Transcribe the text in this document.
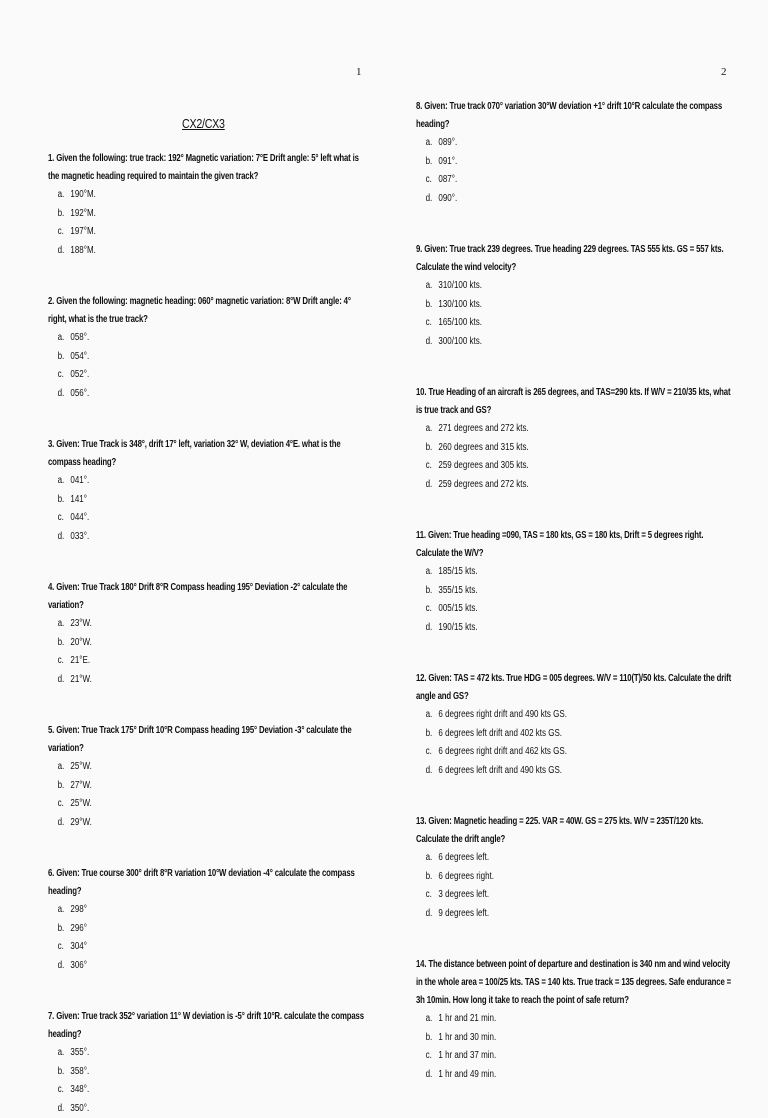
1
CX2/CX3
1. Given the following: true track: 192° Magnetic variation: 7°E Drift angle: 5° left what is the magnetic heading required to maintain the given track?
a. 190°M.
b. 192°M.
c. 197°M.
d. 188°M.
2. Given the following: magnetic heading: 060° magnetic variation: 8°W Drift angle: 4° right, what is the true track?
a. 058°.
b. 054°.
c. 052°.
d. 056°.
3. Given: True Track is 348°, drift 17° left, variation 32° W, deviation 4°E. what is the compass heading?
a. 041°.
b. 141°
c. 044°.
d. 033°.
4. Given: True Track 180° Drift 8°R Compass heading 195° Deviation -2° calculate the variation?
a. 23°W.
b. 20°W.
c. 21°E.
d. 21°W.
5. Given: True Track 175° Drift 10°R Compass heading 195° Deviation -3° calculate the variation?
a. 25°W.
b. 27°W.
c. 25°W.
d. 29°W.
6. Given: True course 300° drift 8°R variation 10°W deviation -4° calculate the compass heading?
a. 298°
b. 296°
c. 304°
d. 306°
7. Given: True track 352° variation 11° W deviation is -5° drift 10°R. calculate the compass heading?
a. 355°.
b. 358°.
c. 348°.
d. 350°.
2
8. Given: True track 070° variation 30°W deviation +1° drift 10°R calculate the compass heading?
a. 089°.
b. 091°.
c. 087°.
d. 090°.
9. Given: True track 239 degrees. True heading 229 degrees. TAS 555 kts. GS = 557 kts. Calculate the wind velocity?
a. 310/100 kts.
b. 130/100 kts.
c. 165/100 kts.
d. 300/100 kts.
10. True Heading of an aircraft is 265 degrees, and TAS=290 kts. If W/V = 210/35 kts, what is true track and GS?
a. 271 degrees and 272 kts.
b. 260 degrees and 315 kts.
c. 259 degrees and 305 kts.
d. 259 degrees and 272 kts.
11. Given: True heading =090, TAS = 180 kts, GS = 180 kts, Drift = 5 degrees right. Calculate the W/V?
a. 185/15 kts.
b. 355/15 kts.
c. 005/15 kts.
d. 190/15 kts.
12. Given: TAS = 472 kts. True HDG = 005 degrees. W/V = 110(T)/50 kts. Calculate the drift angle and GS?
a. 6 degrees right drift and 490 kts GS.
b. 6 degrees left drift and 402 kts GS.
c. 6 degrees right drift and 462 kts GS.
d. 6 degrees left drift and 490 kts GS.
13. Given: Magnetic heading = 225. VAR = 40W. GS = 275 kts. W/V = 235T/120 kts. Calculate the drift angle?
a. 6 degrees left.
b. 6 degrees right.
c. 3 degrees left.
d. 9 degrees left.
14. The distance between point of departure and destination is 340 nm and wind velocity in the whole area = 100/25 kts. TAS = 140 kts. True track = 135 degrees. Safe endurance = 3h 10min. How long it take to reach the point of safe return?
a. 1 hr and 21 min.
b. 1 hr and 30 min.
c. 1 hr and 37 min.
d. 1 hr and 49 min.
